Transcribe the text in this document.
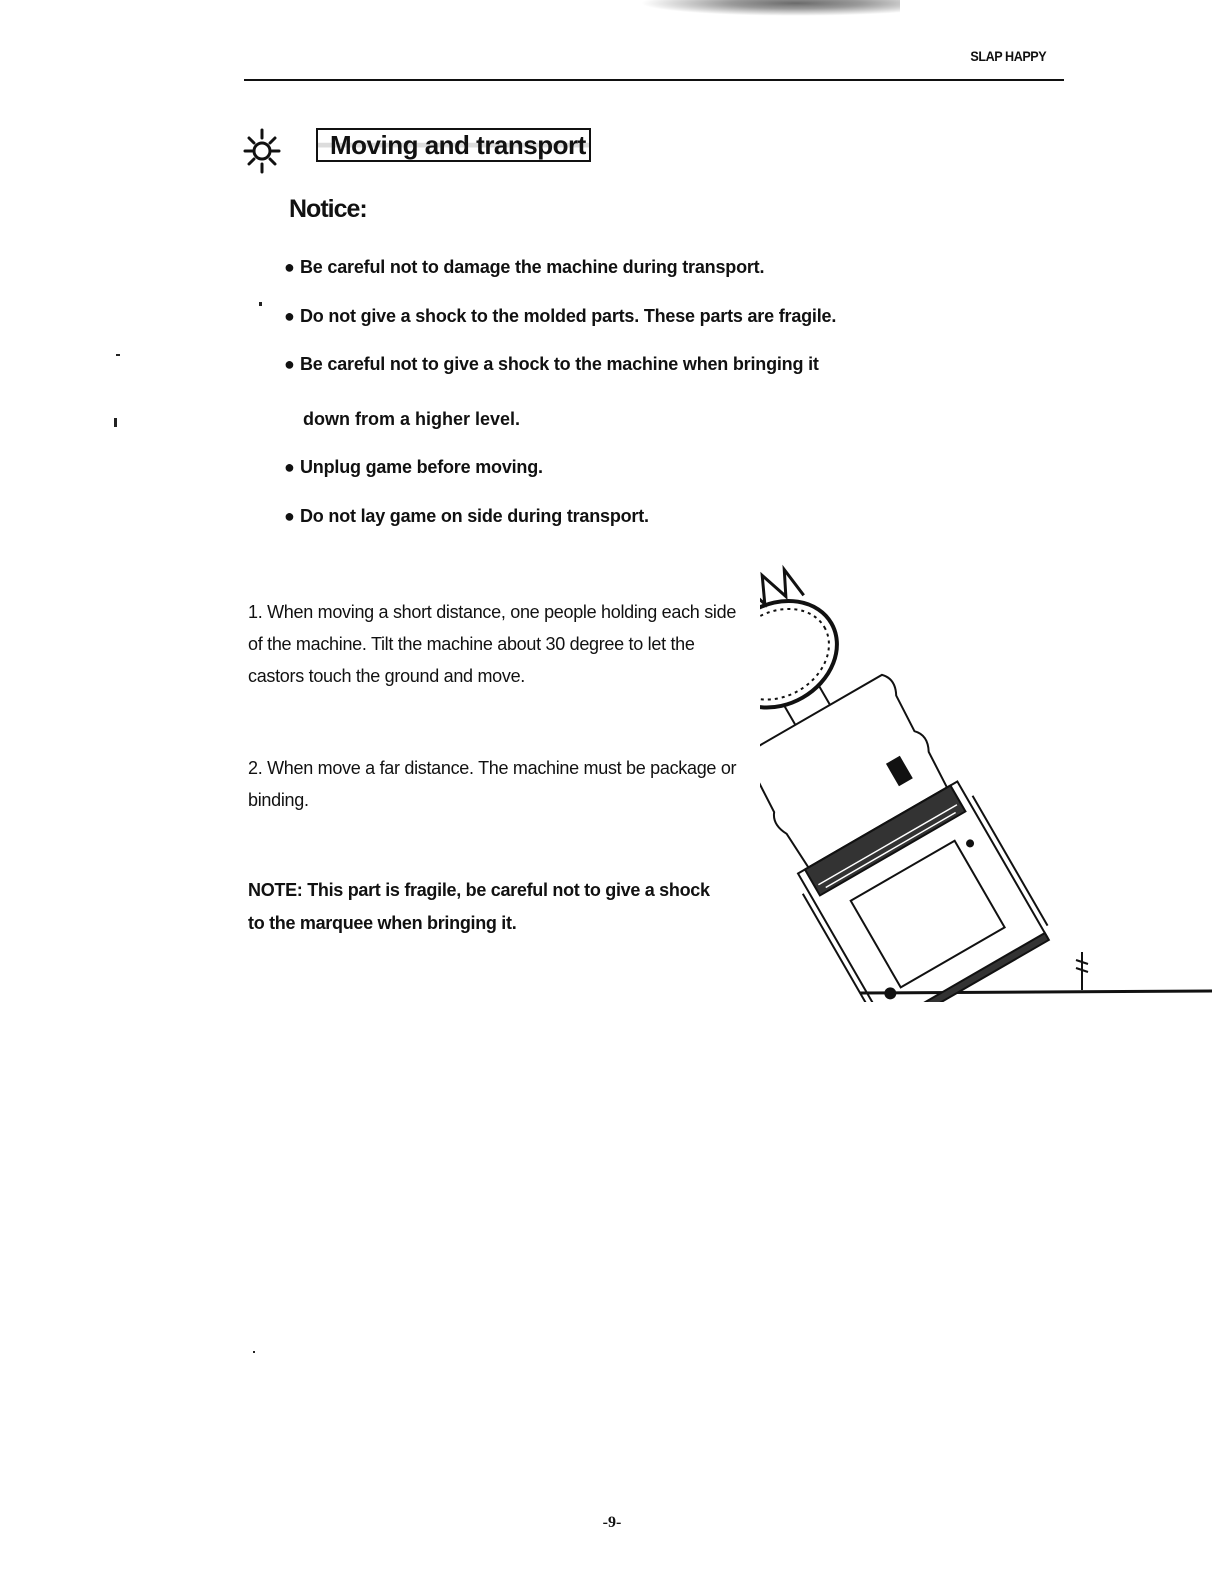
SLAP HAPPY
Moving and transport
Notice:
● Be careful not to damage the machine during transport.
● Do not give a shock to the molded parts. These parts are fragile.
● Be careful not to give a shock to the machine when bringing it
● Unplug game before moving.
● Do not lay game on side during transport.
down from a higher level.
1. When moving a short distance, one people holding each side of the machine. Tilt the machine about 30 degree to let the castors touch the ground and move.
2. When move a far distance. The machine must be package or binding.
NOTE: This part is fragile, be careful not to give a shock to the marquee when bringing it.
-9-
